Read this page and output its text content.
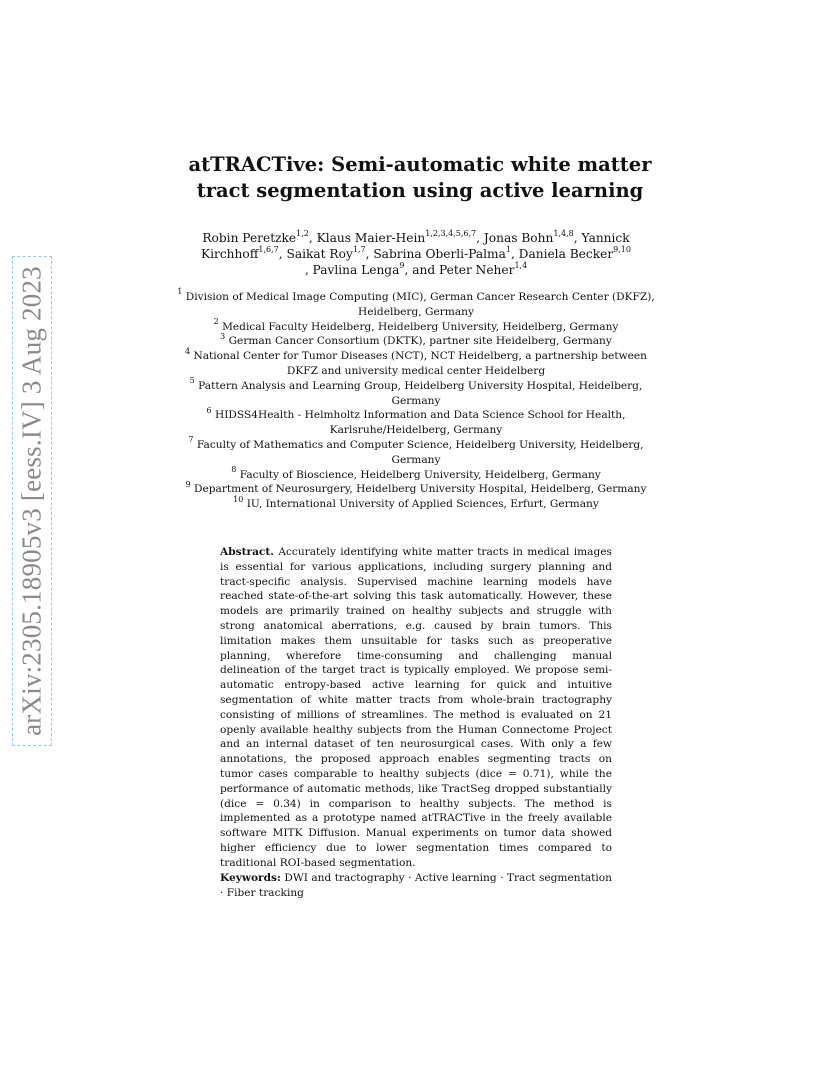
arXiv:2305.18905v3 [eess.IV] 3 Aug 2023
atTRACTive: Semi-automatic white matter
tract segmentation using active learning
Robin Peretzke$^{1,2}$, Klaus Maier-Hein$^{1,2,3,4,5,6,7}$, Jonas Bohn$^{1,4,8}$, Yannick Kirchhoff$^{1,6,7}$, Saikat Roy$^{1,7}$, Sabrina Oberli-Palma$^1$, Daniela Becker$^{9,10}$
, Pavlina Lenga$^9$, and Peter Neher$^{1,4}$
$^1$ Division of Medical Image Computing (MIC), German Cancer Research Center (DKFZ), Heidelberg, Germany
$^2$ Medical Faculty Heidelberg, Heidelberg University, Heidelberg, Germany
$^3$ German Cancer Consortium (DKTK), partner site Heidelberg, Germany
$^4$ National Center for Tumor Diseases (NCT), NCT Heidelberg, a partnership between DKFZ and university medical center Heidelberg
$^5$ Pattern Analysis and Learning Group, Heidelberg University Hospital, Heidelberg, Germany
$^6$ HIDSS4Health - Helmholtz Information and Data Science School for Health, Karlsruhe/Heidelberg, Germany
$^7$ Faculty of Mathematics and Computer Science, Heidelberg University, Heidelberg, Germany
$^8$ Faculty of Bioscience, Heidelberg University, Heidelberg, Germany
$^9$ Department of Neurosurgery, Heidelberg University Hospital, Heidelberg, Germany
$^{10}$ IU, International University of Applied Sciences, Erfurt, Germany
Abstract. Accurately identifying white matter tracts in medical images is essential for various applications, including surgery planning and tract-specific analysis. Supervised machine learning models have reached state-of-the-art solving this task automatically. However, these models are primarily trained on healthy subjects and struggle with strong anatomical aberrations, e.g. caused by brain tumors. This limitation makes them unsuitable for tasks such as preoperative planning, wherefore time-consuming and challenging manual delineation of the target tract is typically employed. We propose semi-automatic entropy-based active learning for quick and intuitive segmentation of white matter tracts from whole-brain tractography consisting of millions of streamlines. The method is evaluated on 21 openly available healthy subjects from the Human Connectome Project and an internal dataset of ten neurosurgical cases. With only a few annotations, the proposed approach enables segmenting tracts on tumor cases comparable to healthy subjects (dice = 0.71), while the performance of automatic methods, like TractSeg dropped substantially (dice = 0.34) in comparison to healthy subjects. The method is implemented as a prototype named atTRACTive in the freely available software MITK Diffusion. Manual experiments on tumor data showed higher efficiency due to lower segmentation times compared to traditional ROI-based segmentation.
Keywords: DWI and tractography · Active learning · Tract segmentation · Fiber tracking
